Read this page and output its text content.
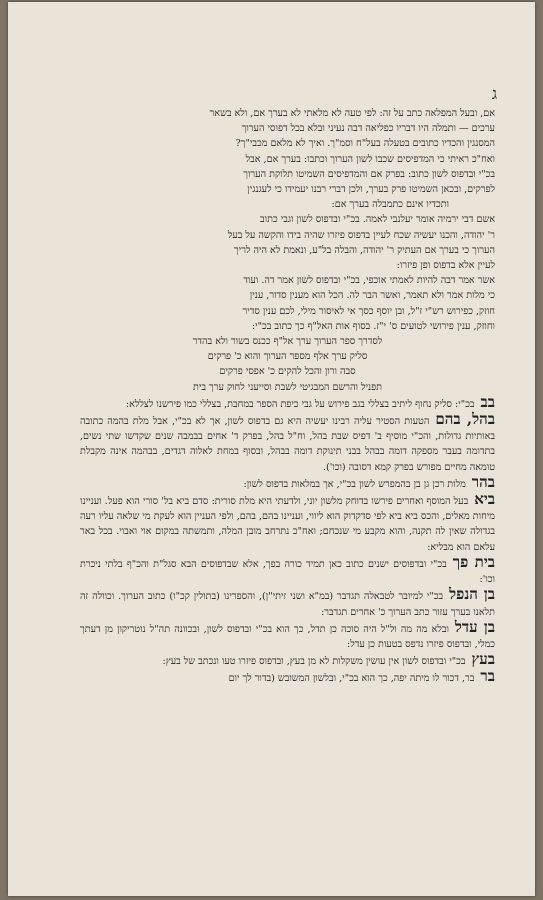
ג

אם, ובעל המפלאה כתב על זה: לפי טעה לא מלאתי לא בערך אם, ולא בשאר

ערכים — ותמלה היו דבריו כפליאה דבה נעיני ובלא בכל דפוסי הערוך

המסנגין והכדיו כתובים בטעלה בעל"ח וסמ"ך. ואיך לא מלאם מכבי"ך?

ואח"כ ראיתי כי המדפיסים שכבו לשון הערוך וכתבו: בערך אם, אבל

בכ"י ובדפוס לשון כתוב: בפרק אם והמדפיסים השמיטו תלוקת הערוך

לפרקים, ובכאן השמיטו פרק בערך, ולכן דברי רבנו יעמידו כי לעגנגין

ותכדיו אינם כתמבלה בערך אם:

אשם דבי ירמיה אומר יעלנבי לאמה. בכ"י ובדפוס לשון וגבי כתוב

ר' יהודה, והכנו יעשיה שכח לעיין בדפוס פיזרו שהיה בידו והקשה על בעל

הערוך כי בערך אם העתיק ר' יהודה, והבלה בל"ע, ונאמת לא היה לריך

לעיין אלא בדפוס ופן פיזרו:

אשר אמר דבה להיות לאמתי אוכפי, בכ"י ובדפוס לשון אמר דה. ועוד

כי מלות אמר ולא תאמר, ואשר הבר לה. הכל הוא מענין סדור, ענין

חוזק, כפירוש רש"י ז"ל, ובן יוסף כסך אי לאיסור מילי, לכם ענין סדיר

וחוזק, ענין פירושי לטועים ס' י"ז. בסוף אות האל"ף כך כתוב בכ"י:

לסדרך ספר הערוך ערך אל"ף ככנס בשור ולא בהדר

סליק ערך אלף מספר הערוך והוא כ' פרקים

סבה ורון והכל להקים כ' אפסי פרקים

תפניל והרשם המבגיטי לשבת וסייעני לחוק ערך בית

בבבכ"י: סליק נחוף ליתיב בצללי בגב פירוש על גבי כיפת הספר במחבת, בצללי כמו פירשנו לצללא:

בהל, בהםהטעות הסטיר עליה רבינו יעשיה היא גם בדפוס לשון, אך לא בכ"י, אבל מלת בהמה כתובה באותיות גדולות, והכ"י מוסיף ב' דפיס שבת בהל, וח"ל בהל, בפרק ד' אחים בבמבה שנים שקדשו שתי נשים, בתדומה בעבר מספקה דומה בבהל בבני תינוקת דומה בבהל, ובסוף במחת לאלוה דגדים, בבהמה אינה מקבלת טומאה מחיים מפורש בפרק קמא דסובה (וכו').

בהרמלות רכן גן בן בהמפרש לשון בכ"י, אך במלאות בדפוס לשון:

ביאבעל המוסף ואחרים פירשו בדוחק מלשון יוני, ולדעתי היא מלת סורית: סדם ביא בל' סורי הוא פעל. ועניינו מיחות מאלים, והכס ביא ביא לפי סדקדוק הוא ליווי, ועניינו בהם, בהם, ולפי העניין הוא לעקת מי שלאה עליו רעה בגדולה שאין לה תקנה, והוא מקבע מי שנכחם; ואח"כ נתרחב מובן המלה, ותמשתה במקום אוי ואבוי. בכל באר עלאם הוא מבליא:

בית פךבכ"י ובדפוסים ישנים כתוב כאן תמיד כורה בפך, אלא שבדפוסים הבא סגל"ת והכ"ף בלתי ניכרת וכו':

בן הנפלבכ"י למיובר לטבאלה תגדבר (במ"א ושני זיתי"ן), והספרינו (בתולין קכ"ו) כתוב הערוך. וכוולה זה תלאנו בערך עזור כתב הערוך כ' אחרים תגדבר:

בן עדלובלא מה מה ול"ל היה סוכה כן תדל, כך הוא בכ"י ובדפוס לשון, ובכוונה תה"ל נוטריקון מן דעתך כמלי, ובדפוס פיזרו נדפס בטעות כן עדל:

בעץבכ"י ובדפוס לשון אין עושין משקלות לא מן בעץ, ובדפוס פיזרו טעו ונכתב של בעץ:

ברבר, דכור לו מיתה יפה, כך הוא בכ"י, ובלשון המשובש (בדור לך יום
